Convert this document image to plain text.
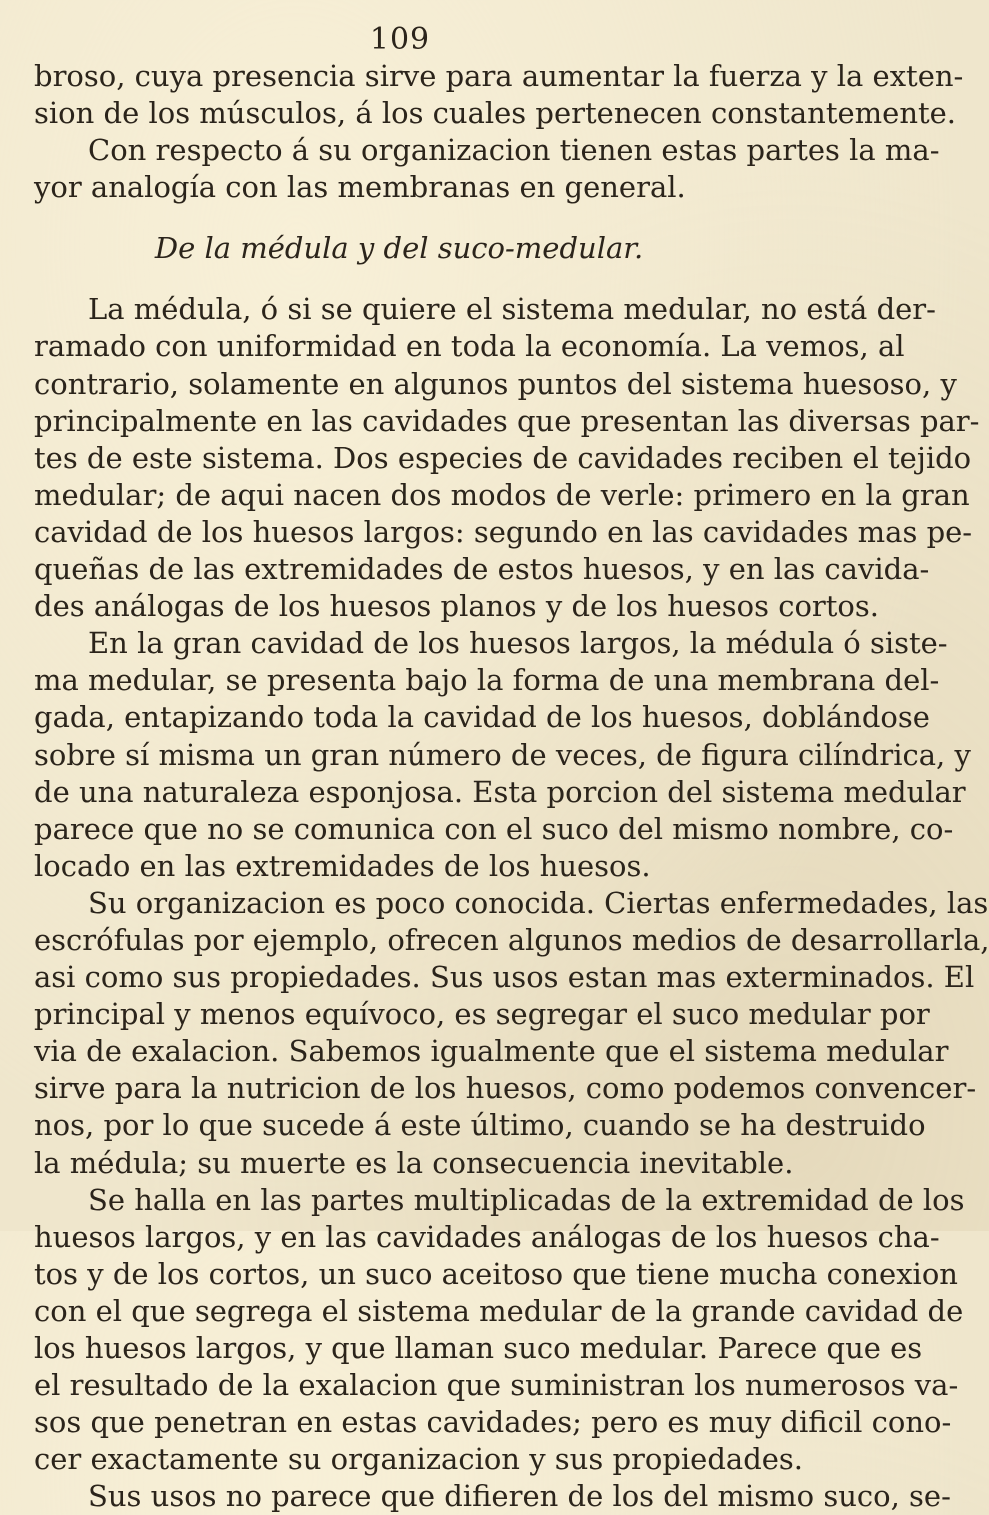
109
broso, cuya presencia sirve para aumentar la fuerza y la exten-
sion de los músculos, á los cuales pertenecen constantemente.
Con respecto á su organizacion tienen estas partes la ma-
yor analogía con las membranas en general.
De la médula y del suco-medular.
La médula, ó si se quiere el sistema medular, no está der-
ramado con uniformidad en toda la economía. La vemos, al
contrario, solamente en algunos puntos del sistema huesoso, y
principalmente en las cavidades que presentan las diversas par-
tes de este sistema. Dos especies de cavidades reciben el tejido
medular; de aqui nacen dos modos de verle: primero en la gran
cavidad de los huesos largos: segundo en las cavidades mas pe-
queñas de las extremidades de estos huesos, y en las cavida-
des análogas de los huesos planos y de los huesos cortos.
En la gran cavidad de los huesos largos, la médula ó siste-
ma medular, se presenta bajo la forma de una membrana del-
gada, entapizando toda la cavidad de los huesos, doblándose
sobre sí misma un gran número de veces, de figura cilíndrica, y
de una naturaleza esponjosa. Esta porcion del sistema medular
parece que no se comunica con el suco del mismo nombre, co-
locado en las extremidades de los huesos.
Su organizacion es poco conocida. Ciertas enfermedades, las
escrófulas por ejemplo, ofrecen algunos medios de desarrollarla,
asi como sus propiedades. Sus usos estan mas exterminados. El
principal y menos equívoco, es segregar el suco medular por
via de exalacion. Sabemos igualmente que el sistema medular
sirve para la nutricion de los huesos, como podemos convencer-
nos, por lo que sucede á este último, cuando se ha destruido
la médula; su muerte es la consecuencia inevitable.
Se halla en las partes multiplicadas de la extremidad de los
huesos largos, y en las cavidades análogas de los huesos cha-
tos y de los cortos, un suco aceitoso que tiene mucha conexion
con el que segrega el sistema medular de la grande cavidad de
los huesos largos, y que llaman suco medular. Parece que es
el resultado de la exalacion que suministran los numerosos va-
sos que penetran en estas cavidades; pero es muy dificil cono-
cer exactamente su organizacion y sus propiedades.
Sus usos no parece que difieren de los del mismo suco, se-
